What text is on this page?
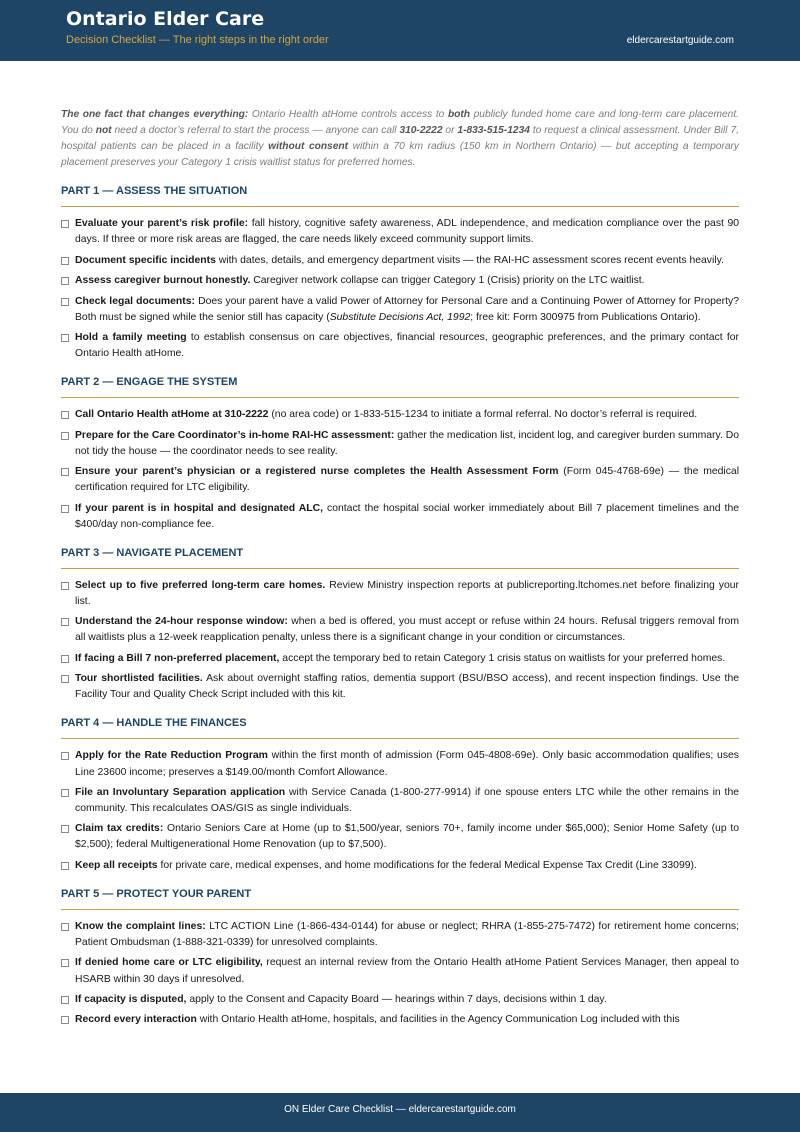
Ontario Elder Care
Decision Checklist — The right steps in the right order	eldercarestartguide.com

The one fact that changes everything: Ontario Health atHome controls access to both publicly funded home care and long-term care placement. You do not need a doctor’s referral to start the process — anyone can call 310-2222 or 1-833-515-1234 to request a clinical assessment. Under Bill 7, hospital patients can be placed in a facility without consent within a 70 km radius (150 km in Northern Ontario) — but accepting a temporary placement preserves your Category 1 crisis waitlist status for preferred homes.

PART 1 — ASSESS THE SITUATION
Evaluate your parent’s risk profile: fall history, cognitive safety awareness, ADL independence, and medication compliance over the past 90 days. If three or more risk areas are flagged, the care needs likely exceed community support limits.
Document specific incidents with dates, details, and emergency department visits — the RAI-HC assessment scores recent events heavily.
Assess caregiver burnout honestly. Caregiver network collapse can trigger Category 1 (Crisis) priority on the LTC waitlist.
Check legal documents: Does your parent have a valid Power of Attorney for Personal Care and a Continuing Power of Attorney for Property? Both must be signed while the senior still has capacity (Substitute Decisions Act, 1992; free kit: Form 300975 from Publications Ontario).
Hold a family meeting to establish consensus on care objectives, financial resources, geographic preferences, and the primary contact for Ontario Health atHome.
PART 2 — ENGAGE THE SYSTEM
Call Ontario Health atHome at 310-2222 (no area code) or 1-833-515-1234 to initiate a formal referral. No doctor’s referral is required.
Prepare for the Care Coordinator’s in-home RAI-HC assessment: gather the medication list, incident log, and caregiver burden summary. Do not tidy the house — the coordinator needs to see reality.
Ensure your parent’s physician or a registered nurse completes the Health Assessment Form (Form 045-4768-69e) — the medical certification required for LTC eligibility.
If your parent is in hospital and designated ALC, contact the hospital social worker immediately about Bill 7 placement timelines and the $400/day non-compliance fee.
PART 3 — NAVIGATE PLACEMENT
Select up to five preferred long-term care homes. Review Ministry inspection reports at publicreporting.ltchomes.net before finalizing your list.
Understand the 24-hour response window: when a bed is offered, you must accept or refuse within 24 hours. Refusal triggers removal from all waitlists plus a 12-week reapplication penalty, unless there is a significant change in your condition or circumstances.
If facing a Bill 7 non-preferred placement, accept the temporary bed to retain Category 1 crisis status on waitlists for your preferred homes.
Tour shortlisted facilities. Ask about overnight staffing ratios, dementia support (BSU/BSO access), and recent inspection findings. Use the Facility Tour and Quality Check Script included with this kit.
PART 4 — HANDLE THE FINANCES
Apply for the Rate Reduction Program within the first month of admission (Form 045-4808-69e). Only basic accommodation qualifies; uses Line 23600 income; preserves a $149.00/month Comfort Allowance.
File an Involuntary Separation application with Service Canada (1-800-277-9914) if one spouse enters LTC while the other remains in the community. This recalculates OAS/GIS as single individuals.
Claim tax credits: Ontario Seniors Care at Home (up to $1,500/year, seniors 70+, family income under $65,000); Senior Home Safety (up to $2,500); federal Multigenerational Home Renovation (up to $7,500).
Keep all receipts for private care, medical expenses, and home modifications for the federal Medical Expense Tax Credit (Line 33099).
PART 5 — PROTECT YOUR PARENT
Know the complaint lines: LTC ACTION Line (1-866-434-0144) for abuse or neglect; RHRA (1-855-275-7472) for retirement home concerns; Patient Ombudsman (1-888-321-0339) for unresolved complaints.
If denied home care or LTC eligibility, request an internal review from the Ontario Health atHome Patient Services Manager, then appeal to HSARB within 30 days if unresolved.
If capacity is disputed, apply to the Consent and Capacity Board — hearings within 7 days, decisions within 1 day.
Record every interaction with Ontario Health atHome, hospitals, and facilities in the Agency Communication Log included with this
ON Elder Care Checklist — eldercarestartguide.com
